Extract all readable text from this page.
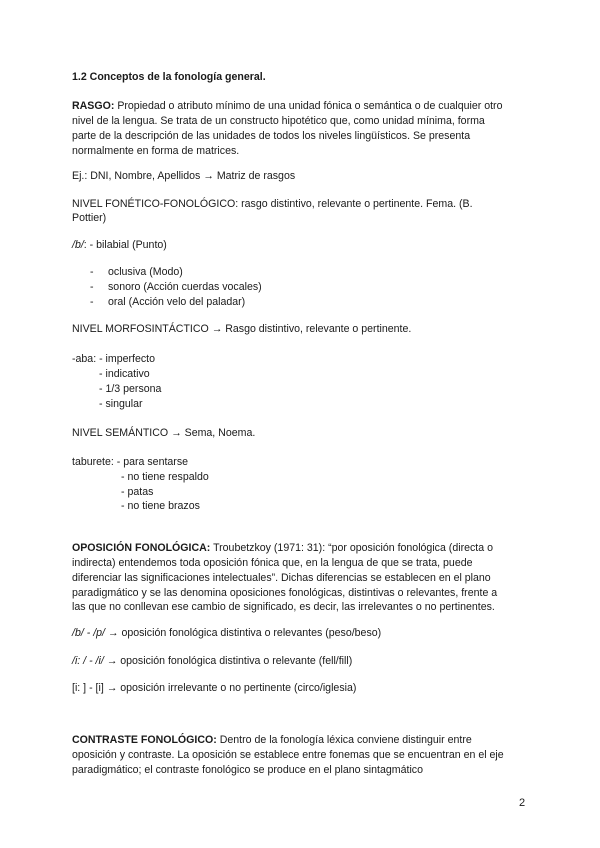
1.2 Conceptos de la fonología general.
RASGO: Propiedad o atributo mínimo de una unidad fónica o semántica o de cualquier otro
nivel de la lengua. Se trata de un constructo hipotético que, como unidad mínima, forma
parte de la descripción de las unidades de todos los niveles lingüísticos. Se presenta
normalmente en forma de matrices.
Ej.: DNI, Nombre, Apellidos → Matriz de rasgos
NIVEL FONÉTICO-FONOLÓGICO: rasgo distintivo, relevante o pertinente. Fema. (B.
Pottier)
/b/: - bilabial (Punto)
- oclusiva (Modo)
- sonoro (Acción cuerdas vocales)
- oral (Acción velo del paladar)
NIVEL MORFOSINTÁCTICO → Rasgo distintivo, relevante o pertinente.
-aba: - imperfecto
- indicativo
- 1/3 persona
- singular
NIVEL SEMÁNTICO → Sema, Noema.
taburete: - para sentarse
- no tiene respaldo
- patas
- no tiene brazos
OPOSICIÓN FONOLÓGICA: Troubetzkoy (1971: 31): “por oposición fonológica (directa o
indirecta) entendemos toda oposición fónica que, en la lengua de que se trata, puede
diferenciar las significaciones intelectuales”. Dichas diferencias se establecen en el plano
paradigmático y se las denomina oposiciones fonológicas, distintivas o relevantes, frente a
las que no conllevan ese cambio de significado, es decir, las irrelevantes o no pertinentes.
/b/ - /p/ → oposición fonológica distintiva o relevantes (peso/beso)
/i: / - /i/ → oposición fonológica distintiva o relevante (fell/fill)
[i: ] - [i] → oposición irrelevante o no pertinente (circo/iglesia)
CONTRASTE FONOLÓGICO: Dentro de la fonología léxica conviene distinguir entre
oposición y contraste. La oposición se establece entre fonemas que se encuentran en el eje
paradigmático; el contraste fonológico se produce en el plano sintagmático
2
